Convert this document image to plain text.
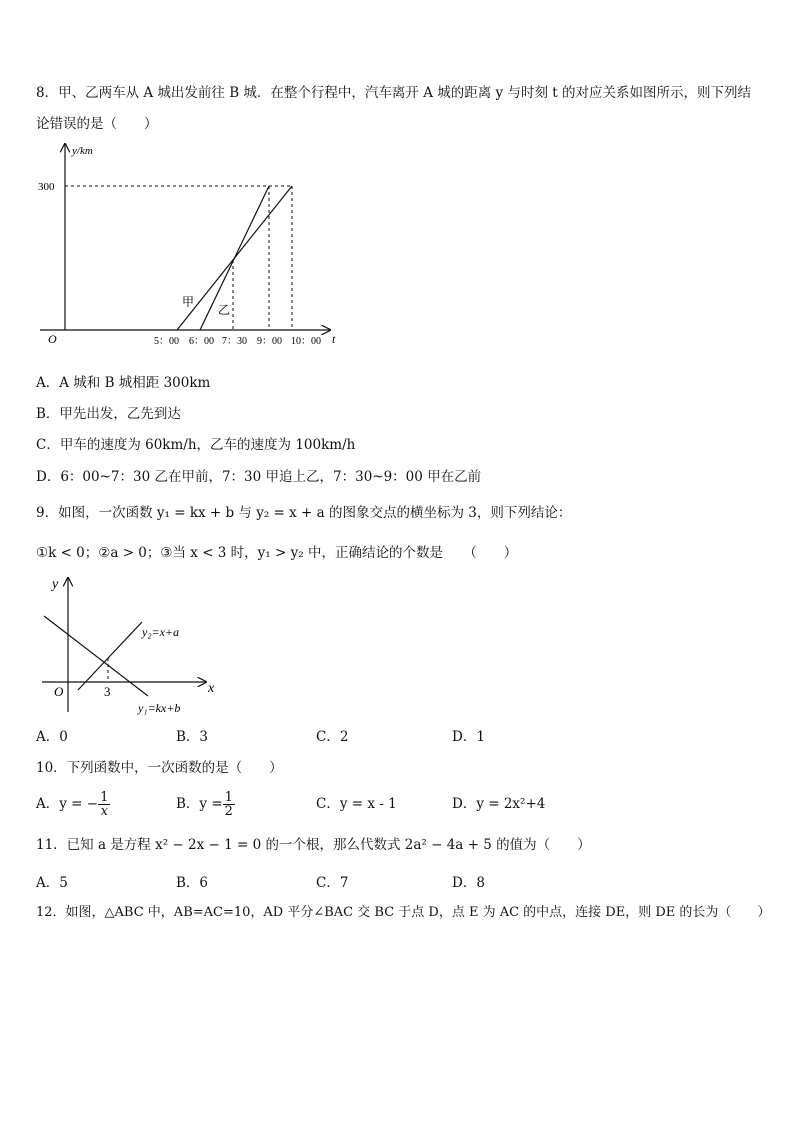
8．甲、乙两车从 A 城出发前往 B 城．在整个行程中，汽车离开 A 城的距离 y 与时刻 t 的对应关系如图所示，则下列结
论错误的是（　　）
y/km
t
O
300
甲
乙
5：00 6：00 7：30 9：00 10：00
A．A 城和 B 城相距 300km
B．甲先出发，乙先到达
C．甲车的速度为 60km/h，乙车的速度为 100km/h
D．6：00~7：30 乙在甲前，7：30 甲追上乙，7：30~9：00 甲在乙前
9．如图，一次函数 y₁ = kx + b 与 y₂ = x + a 的图象交点的横坐标为 3，则下列结论：
①k < 0；②a > 0；③当 x < 3 时，y₁ > y₂ 中，正确结论的个数是　　（　　）
y
x
O	3
y₂=x+a
y₁=kx+b
A．0	B．3	C．2	D．1
10．下列函数中，一次函数的是（　　）
A．y = − $\frac{1}{x}$	B．$y = \frac{1}{2}$	C．y = x - 1	D．y = 2x²+4
11．已知 a 是方程 x² − 2x − 1 = 0 的一个根，那么代数式 2a² − 4a + 5 的值为（　　）
A．5	B．6	C．7	D．8
12．如图，△ABC 中，AB=AC=10，AD 平分∠BAC 交 BC 于点 D，点 E 为 AC 的中点，连接 DE，则 DE 的长为（　　）
